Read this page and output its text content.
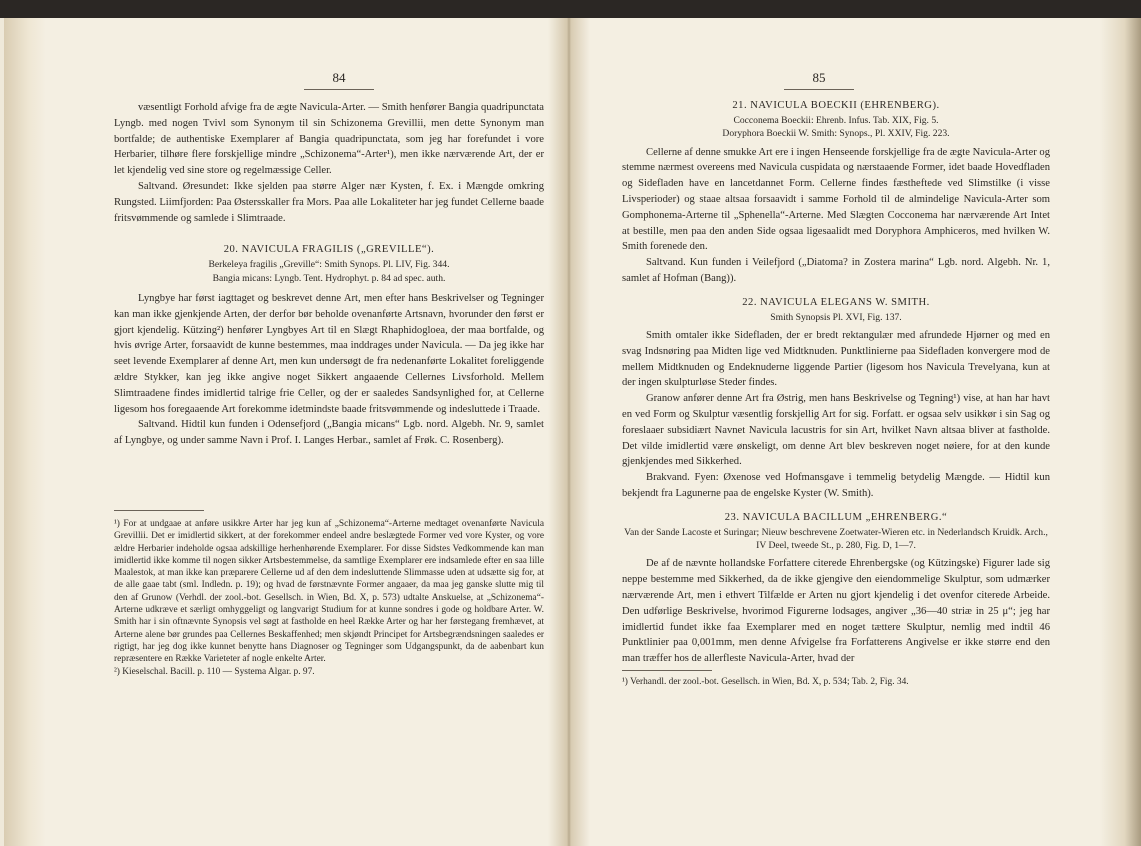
84

væsentligt Forhold afvige fra de ægte Navicula-Arter. — Smith henfører Bangia quadripunctata Lyngb. med nogen Tvivl som Synonym til sin Schizonema Grevillii, men dette Synonym man bortfalde; de authentiske Exemplarer af Bangia quadripunctata, som jeg har forefundet i vore Herbarier, tilhøre flere forskjellige mindre „Schizonema“-Arter¹), men ikke nærværende Art, der er let kjendelig ved sine store og regelmæssige Celler.

Saltvand. Øresundet: Ikke sjelden paa større Alger nær Kysten, f. Ex. i Mængde omkring Rungsted. Liimfjorden: Paa Østersskaller fra Mors. Paa alle Lokaliteter har jeg fundet Cellerne baade fritsvømmende og samlede i Slimtraade.

20. NAVICULA FRAGILIS („GREVILLE“).

Berkeleya fragilis „Greville“: Smith Synops. Pl. LIV, Fig. 344.

Bangia micans: Lyngb. Tent. Hydrophyt. p. 84 ad spec. auth.

Lyngbye har først iagttaget og beskrevet denne Art, men efter hans Beskrivelser og Tegninger kan man ikke gjenkjende Arten, der derfor bør beholde ovenanførte Artsnavn, hvorunder den først er gjort kjendelig. Kützing²) henfører Lyngbyes Art til en Slægt Rhaphidogloea, der maa bortfalde, og hvis øvrige Arter, forsaavidt de kunne bestemmes, maa inddrages under Navicula. — Da jeg ikke har seet levende Exemplarer af denne Art, men kun undersøgt de fra nedenanførte Lokalitet foreliggende ældre Stykker, kan jeg ikke angive noget Sikkert angaaende Cellernes Livsforhold. Mellem Slimtraadene findes imidlertid talrige frie Celler, og der er saaledes Sandsynlighed for, at Cellerne ligesom hos foregaaende Art forekomme idetmindste baade fritsvømmende og indesluttede i Traade.

Saltvand. Hidtil kun funden i Odensefjord („Bangia micans“ Lgb. nord. Algebh. Nr. 9, samlet af Lyngbye, og under samme Navn i Prof. I. Langes Herbar., samlet af Frøk. C. Rosenberg).

¹) For at undgaae at anføre usikkre Arter har jeg kun af „Schizonema“-Arterne medtaget ovenanførte Navicula Grevillii. Det er imidlertid sikkert, at der forekommer endeel andre beslægtede Former ved vore Kyster, og vore ældre Herbarier indeholde ogsaa adskillige herhenhørende Exemplarer. For disse Sidstes Vedkommende kan man imidlertid ikke komme til nogen sikker Artsbestemmelse, da samtlige Exemplarer ere indsamlede efter en saa lille Maalestok, at man ikke kan præparere Cellerne ud af den dem indesluttende Slimmasse uden at udsætte sig for, at de alle gaae tabt (sml. Indledn. p. 19); og hvad de førstnævnte Former angaaer, da maa jeg ganske slutte mig til den af Grunow (Verhdl. der zool.-bot. Gesellsch. in Wien, Bd. X, p. 573) udtalte Anskuelse, at „Schizonema“-Arterne udkræve et særligt omhyggeligt og langvarigt Studium for at kunne sondres i gode og holdbare Arter. W. Smith har i sin oftnævnte Synopsis vel søgt at fastholde en heel Række Arter og har her førstegang fremhævet, at Arterne alene bør grundes paa Cellernes Beskaffenhed; men skjøndt Principet for Artsbegrændsningen saaledes er rigtigt, har jeg dog ikke kunnet benytte hans Diagnoser og Tegninger som Udgangspunkt, da de aabenbart kun repræsentere en Række Varieteter af nogle enkelte Arter.

²) Kieselschal. Bacill. p. 110 — Systema Algar. p. 97.

85

21. NAVICULA BOECKII (EHRENBERG).

Cocconema Boeckii: Ehrenb. Infus. Tab. XIX, Fig. 5.

Doryphora Boeckii W. Smith: Synops., Pl. XXIV, Fig. 223.

Cellerne af denne smukke Art ere i ingen Henseende forskjellige fra de ægte Navicula-Arter og stemme nærmest overeens med Navicula cuspidata og nærstaaende Former, idet baade Hovedfladen og Sidefladen have en lancetdannet Form. Cellerne findes fæstheftede ved Slimstilke (i visse Livsperioder) og staae altsaa forsaavidt i samme Forhold til de almindelige Navicula-Arter som Gomphonema-Arterne til „Sphenella“-Arterne. Med Slægten Cocconema har nærværende Art Intet at bestille, men paa den anden Side ogsaa ligesaalidt med Doryphora Amphiceros, med hvilken W. Smith forenede den.

Saltvand. Kun funden i Veilefjord („Diatoma? in Zostera marina“ Lgb. nord. Algebh. Nr. 1, samlet af Hofman (Bang)).

22. NAVICULA ELEGANS W. SMITH.

Smith Synopsis Pl. XVI, Fig. 137.

Smith omtaler ikke Sidefladen, der er bredt rektangulær med afrundede Hjørner og med en svag Indsnøring paa Midten lige ved Midtknuden. Punktlinierne paa Sidefladen konvergere mod de mellem Midtknuden og Endeknuderne liggende Partier (ligesom hos Navicula Trevelyana, kun at der ingen skulpturløse Steder findes.

Granow anfører denne Art fra Østrig, men hans Beskrivelse og Tegning¹) vise, at han har havt en ved Form og Skulptur væsentlig forskjellig Art for sig. Forfatt. er ogsaa selv usikkør i sin Sag og foreslaaer subsidiært Navnet Navicula lacustris for sin Art, hvilket Navn altsaa bliver at fastholde. Det vilde imidlertid være ønskeligt, om denne Art blev beskreven noget nøiere, for at den kunde gjenkjendes med Sikkerhed.

Brakvand. Fyen: Øxenose ved Hofmansgave i temmelig betydelig Mængde. — Hidtil kun bekjendt fra Lagunerne paa de engelske Kyster (W. Smith).

23. NAVICULA BACILLUM „EHRENBERG.“

Van der Sande Lacoste et Suringar; Nieuw beschrevene Zoetwater-Wieren etc. in Nederlandsch Kruidk. Arch., IV Deel, tweede St., p. 280, Fig. D, 1—7.

De af de nævnte hollandske Forfattere citerede Ehrenbergske (og Kützingske) Figurer lade sig neppe bestemme med Sikkerhed, da de ikke gjengive den eiendommelige Skulptur, som udmærker nærværende Art, men i ethvert Tilfælde er Arten nu gjort kjendelig i det ovenfor citerede Arbeide. Den udførlige Beskrivelse, hvorimod Figurerne lodsages, angiver „36—40 striæ in 25 μ“; jeg har imidlertid fundet ikke faa Exemplarer med en noget tættere Skulptur, nemlig med indtil 46 Punktlinier paa 0,001mm, men denne Afvigelse fra Forfatterens Angivelse er ikke større end den man træffer hos de allerfleste Navicula-Arter, hvad der

¹) Verhandl. der zool.-bot. Gesellsch. in Wien, Bd. X, p. 534; Tab. 2, Fig. 34.
